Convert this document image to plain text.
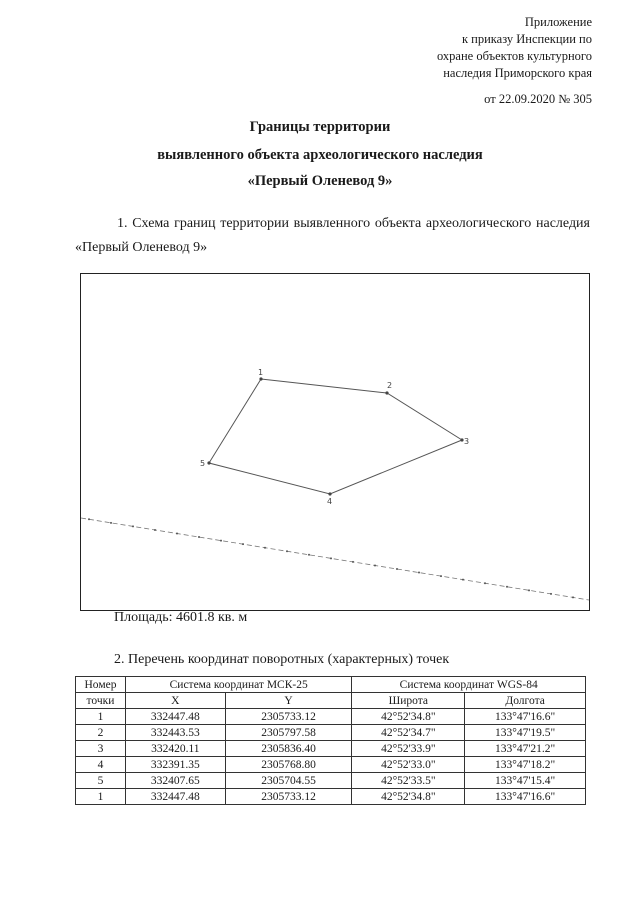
Приложение
к приказу Инспекции по
охране объектов культурного
наследия Приморского края
от 22.09.2020 № 305
Границы территории
выявленного объекта археологического наследия
«Первый Оленевод 9»
1. Схема границ территории выявленного объекта археологического наследия «Первый Оленевод 9»
1
2
3
4
5
Площадь: 4601.8 кв. м
2. Перечень координат поворотных (характерных) точек
Номер	Система координат МСК-25		Система координат WGS-84	
точки	X	Y	Широта	Долгота
1	332447.48	2305733.12	42°52'34.8"	133°47'16.6"
2	332443.53	2305797.58	42°52'34.7"	133°47'19.5"
3	332420.11	2305836.40	42°52'33.9"	133°47'21.2"
4	332391.35	2305768.80	42°52'33.0"	133°47'18.2"
5	332407.65	2305704.55	42°52'33.5"	133°47'15.4"
1	332447.48	2305733.12	42°52'34.8"	133°47'16.6"
